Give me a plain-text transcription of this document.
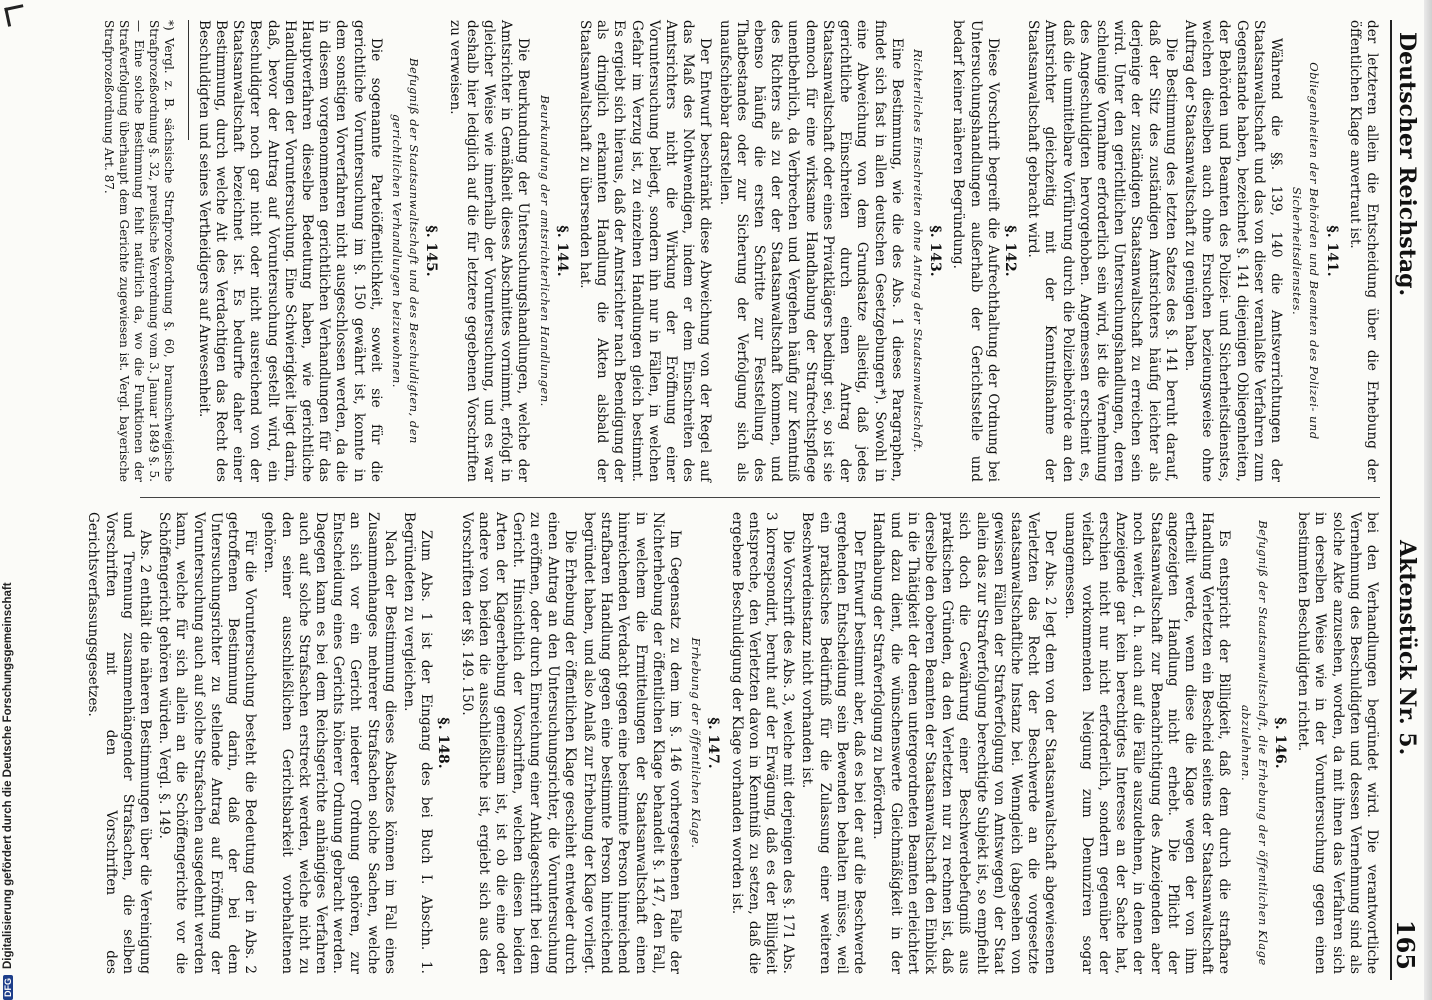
Deutscher Reichstag.
Aktenstück Nr. 5.
165

der letzteren allein die Entscheidung über die Erhebung der öffentlichen Klage anvertraut ist.

§. 141.
Obliegenheiten der Behörden und Beamten des Polizei- und Sicherheitsdienstes.

Während die §§. 139, 140 die Amtsverrichtungen der Staatsanwaltschaft und das von dieser veranlaßte Verfahren zum Gegenstande haben, bezeichnet §. 141 diejenigen Obliegenheiten, der Behörden und Beamten des Polizei- und Sicherheitsdienstes, welchen dieselben auch ohne Ersuchen bezieungsweise ohne Auftrag der Staatsanwaltschaft zu genügen haben.

Die Bestimmung des letzten Satzes des §. 141 beruht darauf, daß der Sitz des zuständigen Amtsrichters häufig leichter als derjenige der zuständigen Staatsanwaltschaft zu erreichen sein wird. Unter den gerichtlichen Untersuchungshandlungen, deren schleunige Vornahme erforderlich sein wird, ist die Vernehmung des Angeschuldigten hervorgehoben. Angemessen erscheint es, daß die unmittelbare Vorführung durch die Polizeibehörde an den Amtsrichter gleichzeitig mit der Kenntnißnahme der Staatsanwaltschaft gebracht wird.

§. 142.

Diese Vorschrift begreift die Aufrechthaltung der Ordnung bei Untersuchungshandlungen außerhalb der Gerichtsstelle und bedarf keiner näheren Begründung.

§. 143.
Richterliches Einschreiten ohne Antrag der Staatsanwaltschaft.

Eine Bestimmung, wie die des Abs. 1 dieses Paragraphen, findet sich fast in allen deutschen Gesetzgebungen*). Sowohl in eine Abweichung von dem Grundsatze allseitig, daß jedes gerichtliche Einschreiten durch einen Antrag der Staatsanwaltschaft oder eines Privatklägers bedingt sei, so ist sie dennoch für eine wirksame Handhabung der Strafrechtspflege unentbehrlich, da Verbrechen und Vergehen häufig zur Kenntniß des Richters als zu der der Staatsanwaltschaft kommen, und ebenso häufig die ersten Schritte zur Feststellung des Thatbestandes oder zur Sicherung der Verfolgung sich als unaufschiebbar darstellen.

Der Entwurf beschränkt diese Abweichung von der Regel auf das Maß des Nothwendigen, indem er dem Einschreiten des Amtsrichters nicht die Wirkung der Eröffnung einer Voruntersuchung beilegt, sondern ihn nur in Fällen, in welchen Gefahr im Verzug ist, zu einzelnen Handlungen gleich bestimmt. Es ergiebt sich hieraus, daß der Amtsrichter nach Beendigung der als dringlich erkannten Handlung die Akten alsbald der Staatsanwaltschaft zu übersenden hat.

§. 144.
Beurkundung der amtsrichterlichen Handlungen.

Die Beurkundung der Untersuchungshandlungen, welche der Amtsrichter in Gemäßheit dieses Abschnittes vornimmt, erfolgt in gleicher Weise wie innerhalb der Voruntersuchung, und es war deshalb hier lediglich auf die für letztere gegebenen Vorschriften zu verweisen.

§. 145.
Befugniß der Staatsanwaltschaft und des Beschuldigten, den gerichtlichen Verhandlungen beizuwohnen.

Die sogenannte Parteiöffentlichkeit, soweit sie für die gerichtliche Voruntersuchung im §. 150 gewährt ist, konnte in dem sonstigen Vorverfahren nicht ausgeschlossen werden, da die in diesem vorgenommenen gerichtlichen Verhandlungen für das Hauptverfahren dieselbe Bedeutung haben, wie gerichtliche Handlungen der Voruntersuchung. Eine Schwierigkeit liegt darin, daß, bevor der Antrag auf Voruntersuchung gestellt wird, ein Beschuldigter noch gar nicht oder nicht ausreichend von der Staatsanwaltschaft bezeichnet ist. Es bedurfte daher einer Bestimmung, durch welche Ait des Verdachtigen das Recht des Beschuldigten und seines Vertheidigers auf Anwesenheit.

*) Vergl. z. B. sächsische Strafprozeßordnung §. 60, braunschweigische Strafprozeßordnung §. 32, preußische Verordnung vom 3. Januar 1849 §. 5. — Eine solche Bestimmung fehlt natürlich da, wo die Funktionen der Strafverfolgung überhaupt dem Gerichte zugewiesen ist. Vergl. bayerische Strafprozeßordnung Art. 87.

bei den Verhandlungen begründet wird. Die verantwortliche Vernehmung des Beschuldigten und dessen Vernehmung sind als solche Akte anzusehen, worden, da mit ihnen das Verfahren sich in derselben Weise wie in der Voruntersuchung gegen einen bestimmten Beschuldigten richtet.

§. 146.
Befugniß der Staatsanwaltschaft, die Erhebung der öffentlichen Klage abzulehnen.

Es entspricht der Billigkeit, daß dem durch die strafbare Handlung Verletzten ein Bescheid seitens der Staatsanwaltschaft ertheilt werde, wenn diese die Klage wegen der von ihm angezeigten Handlung nicht erhebt. Die Pflicht der Staatsanwaltschaft zur Benachrichtigung des Anzeigenden aber noch weiter, d. h. auch auf die Fälle auszudehnen, in denen der Anzeigende gar kein berechtigtes Interesse an der Sache hat, erschien nicht nur nicht erforderlich, sondern gegenüber der vielfach vorkommenden Neigung zum Denunziren sogar unangemessen.

Der Abs. 2 legt dem von der Staatsanwaltschaft abgewiesenen Verletzten das Recht der Beschwerde an die vorgesetzte staatsanwaltschaftliche Instanz bei. Wenngleich (abgesehen von gewissen Fällen der Strafverfolgung von Amtswegen) der Staat allein das zur Strafverfolgung berechtigte Subjekt ist, so empfiehlt sich doch die Gewährung einer Beschwerdebefugniß aus praktischen Gründen, da den Verletzten nur zu rechnen ist, daß derselbe den oberen Beamten der Staatsanwaltschaft den Einblick in die Thätigkeit der denen untergeordneten Beamten erleichtert und dazu dient, die wünschenswerte Gleichmäßigkeit in der Handhabung der Strafverfolgung zu befördern.

Der Entwurf bestimmt aber, daß es bei der auf die Beschwerde ergehenden Entscheidung sein Bewenden behalten müsse, weil ein praktisches Bedürfniß für die Zulassung einer weiteren Beschwerdeinstanz nicht vorhanden ist.

Die Vorschrift des Abs. 3, welche mit derjenigen des §. 171 Abs. 3 korrespondirt, beruht auf der Erwägung, daß es der Billigkeit entspreche, den Verletzten davon in Kenntniß zu setzen, daß die ergebene Beschuldigung der Klage vorhanden worden ist.

§. 147.
Erhebung der öffentlichen Klage.

Im Gegensatz zu dem im §. 146 vorhergesehenen Falle der Nichterhebung der öffentlichen Klage behandelt §. 147, den Fall, in welchem die Ermittelungen der Staatsanwaltschaft einen hinreichenden Verdacht gegen eine bestimmte Person hinreichend strafbaren Handlung gegen eine bestimmte Person hinreichend begründet haben, und also Anlaß zur Erhebung der Klage vorliegt.

Die Erhebung der öffentlichen Klage geschieht entweder durch einen Antrag an den Untersuchungsrichter, die Voruntersuchung zu eröffnen, oder durch Einreichung einer Anklageschrift bei dem Gericht. Hinsichtlich der Vorschriften, welchen diesen beiden Arten der Klageerhebung gemeinsam ist, ist ob die eine oder andere von beiden die ausschließliche ist, ergiebt sich aus den Vorschriften der §§. 149. 150.

§. 148.

Zum Abs. 1 ist der Eingang des bei Buch I. Abschn. 1. Begründeten zu vergleichen.

Nach der Bestimmung dieses Absatzes können im Fall eines Zusammenhanges mehrerer Strafsachen solche Sachen, welche an sich vor ein Gericht niederer Ordnung gehören, zur Entscheidung eines Gerichts höherer Ordnung gebracht werden. Dagegen kann es bei dem Reichsgerichte anhängiges Verfahren auch auf solche Strafsachen erstreckt werden, welche nicht zu den seiner ausschließlichen Gerichtsbarkeit vorbehaltenen gehören.

Für die Voruntersuchung besteht die Bedeutung der in Abs. 2 getroffenen Bestimmung darin, daß der bei dem Untersuchungsrichter zu stellende Antrag auf Eröffnung der Voruntersuchung auch auf solche Strafsachen ausgedehnt werden kann, welche für sich allein an die Schöffengerichte vor die Schöffengericht gehören würden. Vergl. §. 149.

Abs. 2 enthält die näheren Bestimmungen über die Vereinigung und Trennung zusammenhängender Strafsachen, die selben Vorschriften mit den Vorschriften des Gerichtsverfassungsgesetzes.

DFGDigitalisierung gefördert durch die Deutsche Forschungsgemeinschaft
